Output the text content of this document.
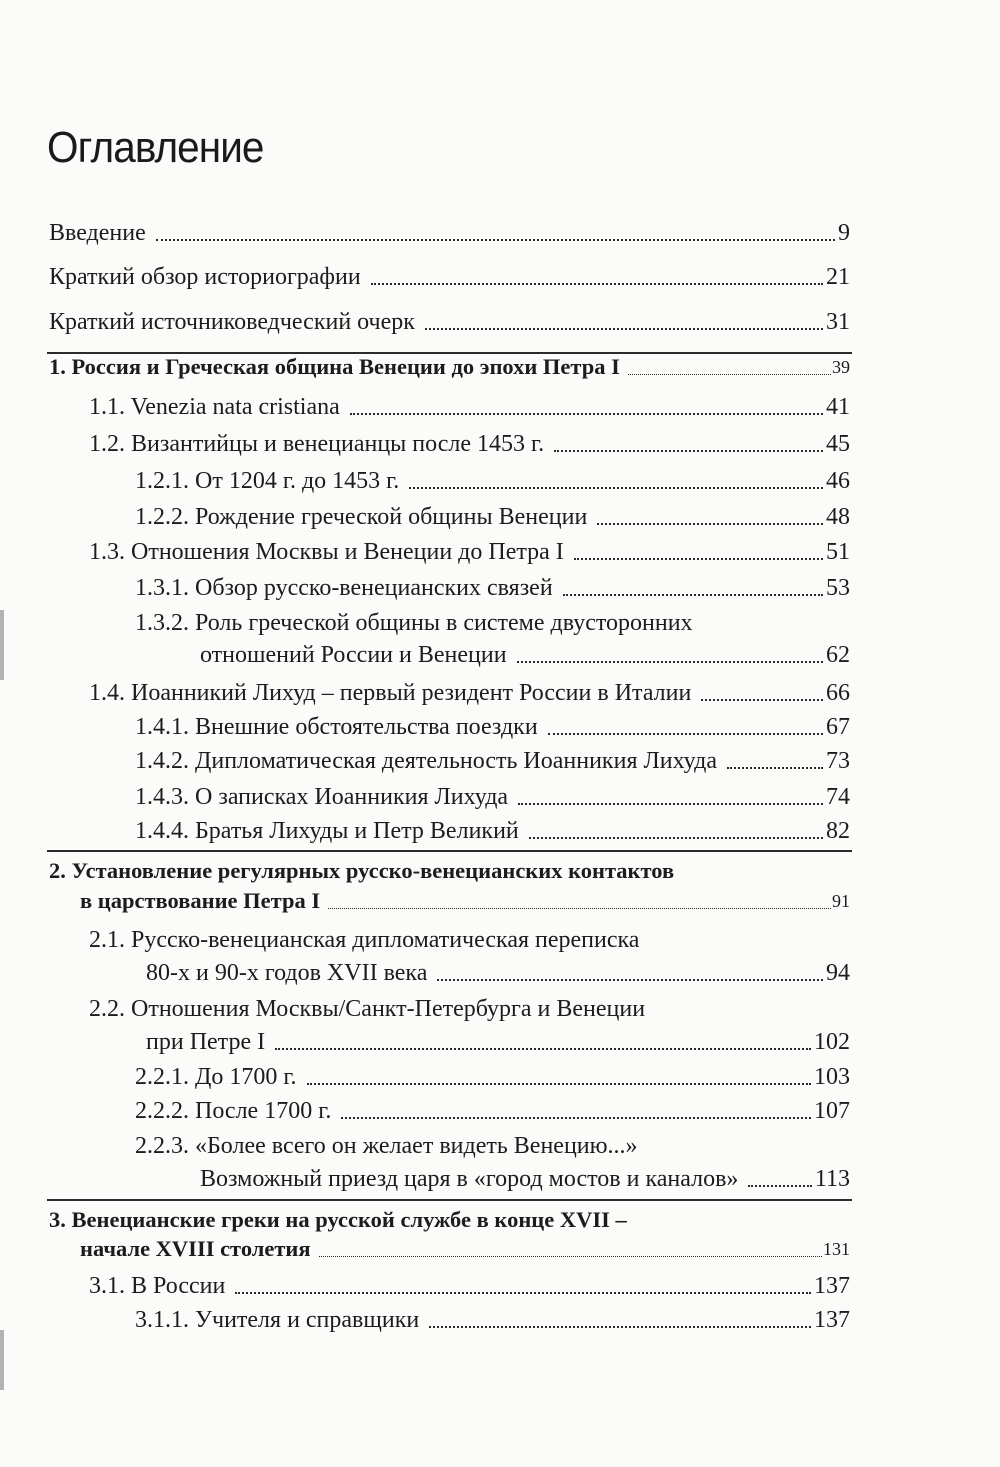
Оглавление
Введение	9
Краткий обзор историографии	21
Краткий источниковедческий очерк	31
1. Россия и Греческая община Венеции до эпохи Петра I	39
1.1. Venezia nata cristiana	41
1.2. Византийцы и венецианцы после 1453 г.	45
1.2.1. От 1204 г. до 1453 г.	46
1.2.2. Рождение греческой общины Венеции	48
1.3. Отношения Москвы и Венеции до Петра I	51
1.3.1. Обзор русско-венецианских связей	53
1.3.2. Роль греческой общины в системе двусторонних
отношений России и Венеции	62
1.4. Иоанникий Лихуд – первый резидент России в Италии	66
1.4.1. Внешние обстоятельства поездки	67
1.4.2. Дипломатическая деятельность Иоанникия Лихуда	73
1.4.3. О записках Иоанникия Лихуда	74
1.4.4. Братья Лихуды и Петр Великий	82
2. Установление регулярных русско-венецианских контактов
в царствование Петра I	91
2.1. Русско-венецианская дипломатическая переписка
80-х и 90-х годов XVII века	94
2.2. Отношения Москвы/Санкт-Петербурга и Венеции
при Петре I	102
2.2.1. До 1700 г.	103
2.2.2. После 1700 г.	107
2.2.3. «Более всего он желает видеть Венецию...»
Возможный приезд царя в «город мостов и каналов»	113
3. Венецианские греки на русской службе в конце XVII –
начале XVIII столетия	131
3.1. В России	137
3.1.1. Учителя и справщики	137
